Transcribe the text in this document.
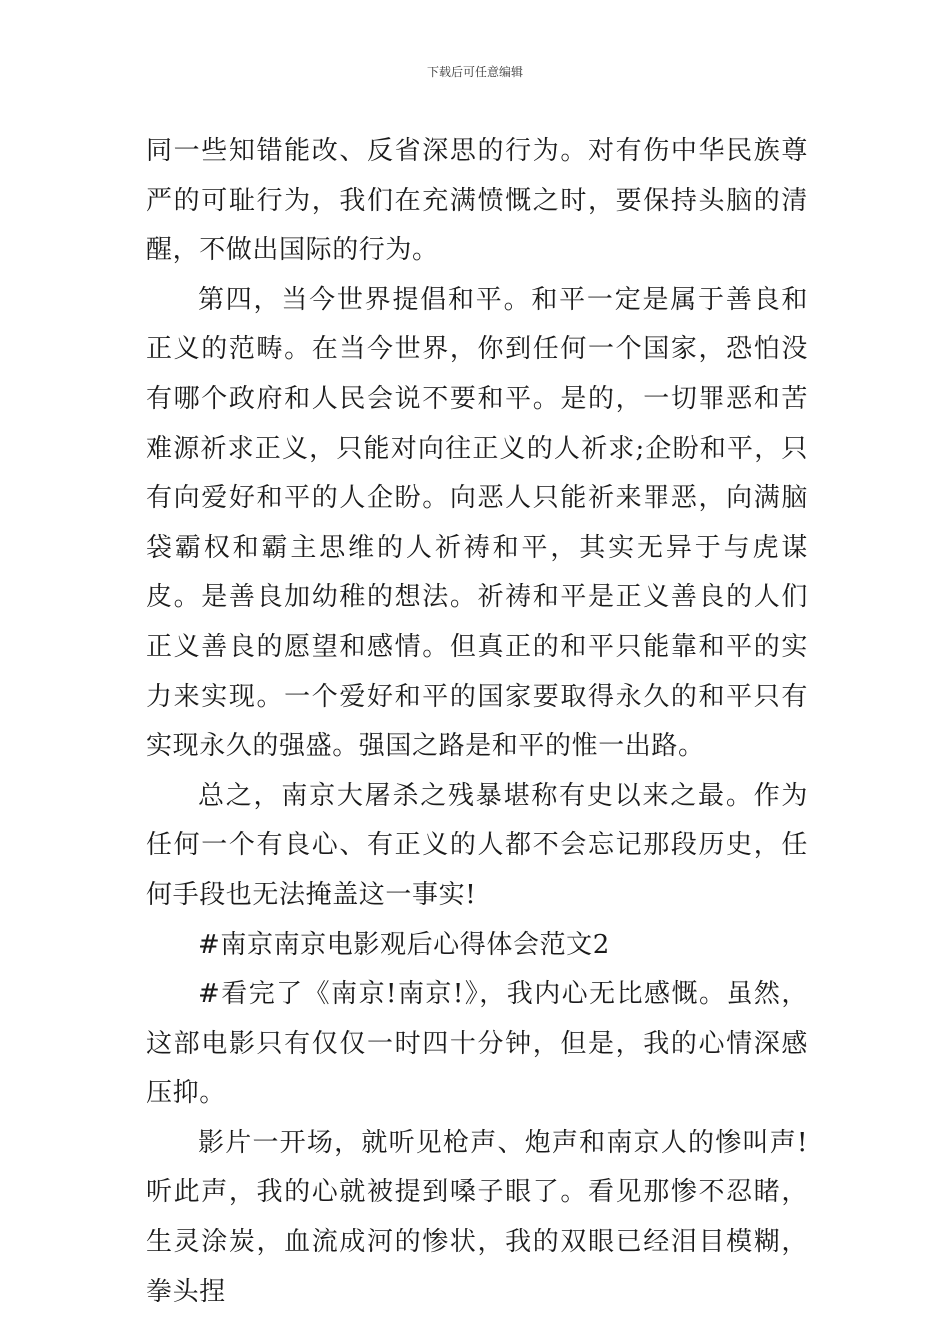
下载后可任意编辑

同一些知错能改、反省深思的行为。对有伤中华民族尊严的可耻行为，我们在充满愤慨之时，要保持头脑的清醒，不做出国际的行为。

第四，当今世界提倡和平。和平一定是属于善良和正义的范畴。在当今世界，你到任何一个国家，恐怕没有哪个政府和人民会说不要和平。是的，一切罪恶和苦难源祈求正义，只能对向往正义的人祈求;企盼和平，只有向爱好和平的人企盼。向恶人只能祈来罪恶，向满脑袋霸权和霸主思维的人祈祷和平，其实无异于与虎谋皮。是善良加幼稚的想法。祈祷和平是正义善良的人们正义善良的愿望和感情。但真正的和平只能靠和平的实力来实现。一个爱好和平的国家要取得永久的和平只有实现永久的强盛。强国之路是和平的惟一出路。

总之，南京大屠杀之残暴堪称有史以来之最。作为任何一个有良心、有正义的人都不会忘记那段历史，任何手段也无法掩盖这一事实!

#南京南京电影观后心得体会范文2

#看完了《南京!南京!》，我内心无比感慨。虽然，这部电影只有仅仅一时四十分钟，但是，我的心情深感压抑。

影片一开场，就听见枪声、炮声和南京人的惨叫声!听此声，我的心就被提到嗓子眼了。看见那惨不忍睹，生灵涂炭，血流成河的惨状，我的双眼已经泪目模糊，拳头捏
